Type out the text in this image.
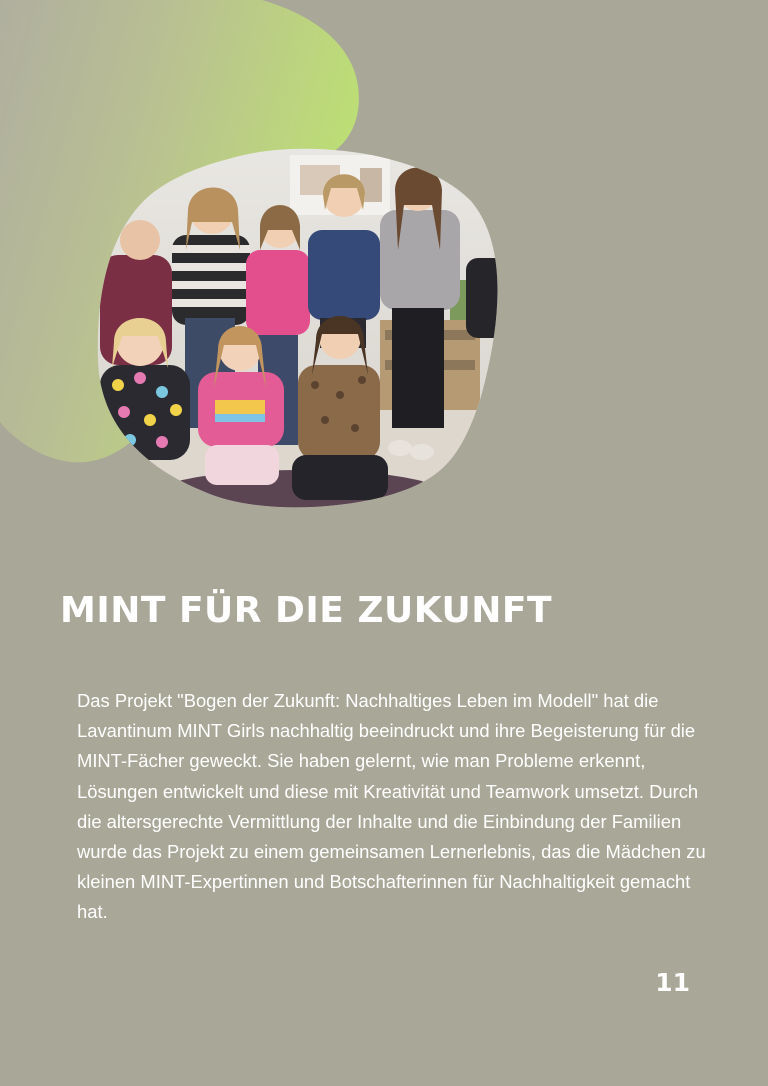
MINT FÜR DIE ZUKUNFT

Das Projekt "Bogen der Zukunft: Nachhaltiges Leben im Modell" hat die Lavantinum MINT Girls nachhaltig beeindruckt und ihre Begeisterung für die MINT-Fächer geweckt. Sie haben gelernt, wie man Probleme erkennt, Lösungen entwickelt und diese mit Kreativität und Teamwork umsetzt. Durch die altersgerechte Vermittlung der Inhalte und die Einbindung der Familien wurde das Projekt zu einem gemeinsamen Lernerlebnis, das die Mädchen zu kleinen MINT-Expertinnen und Botschafterinnen für Nachhaltigkeit gemacht hat.

11
